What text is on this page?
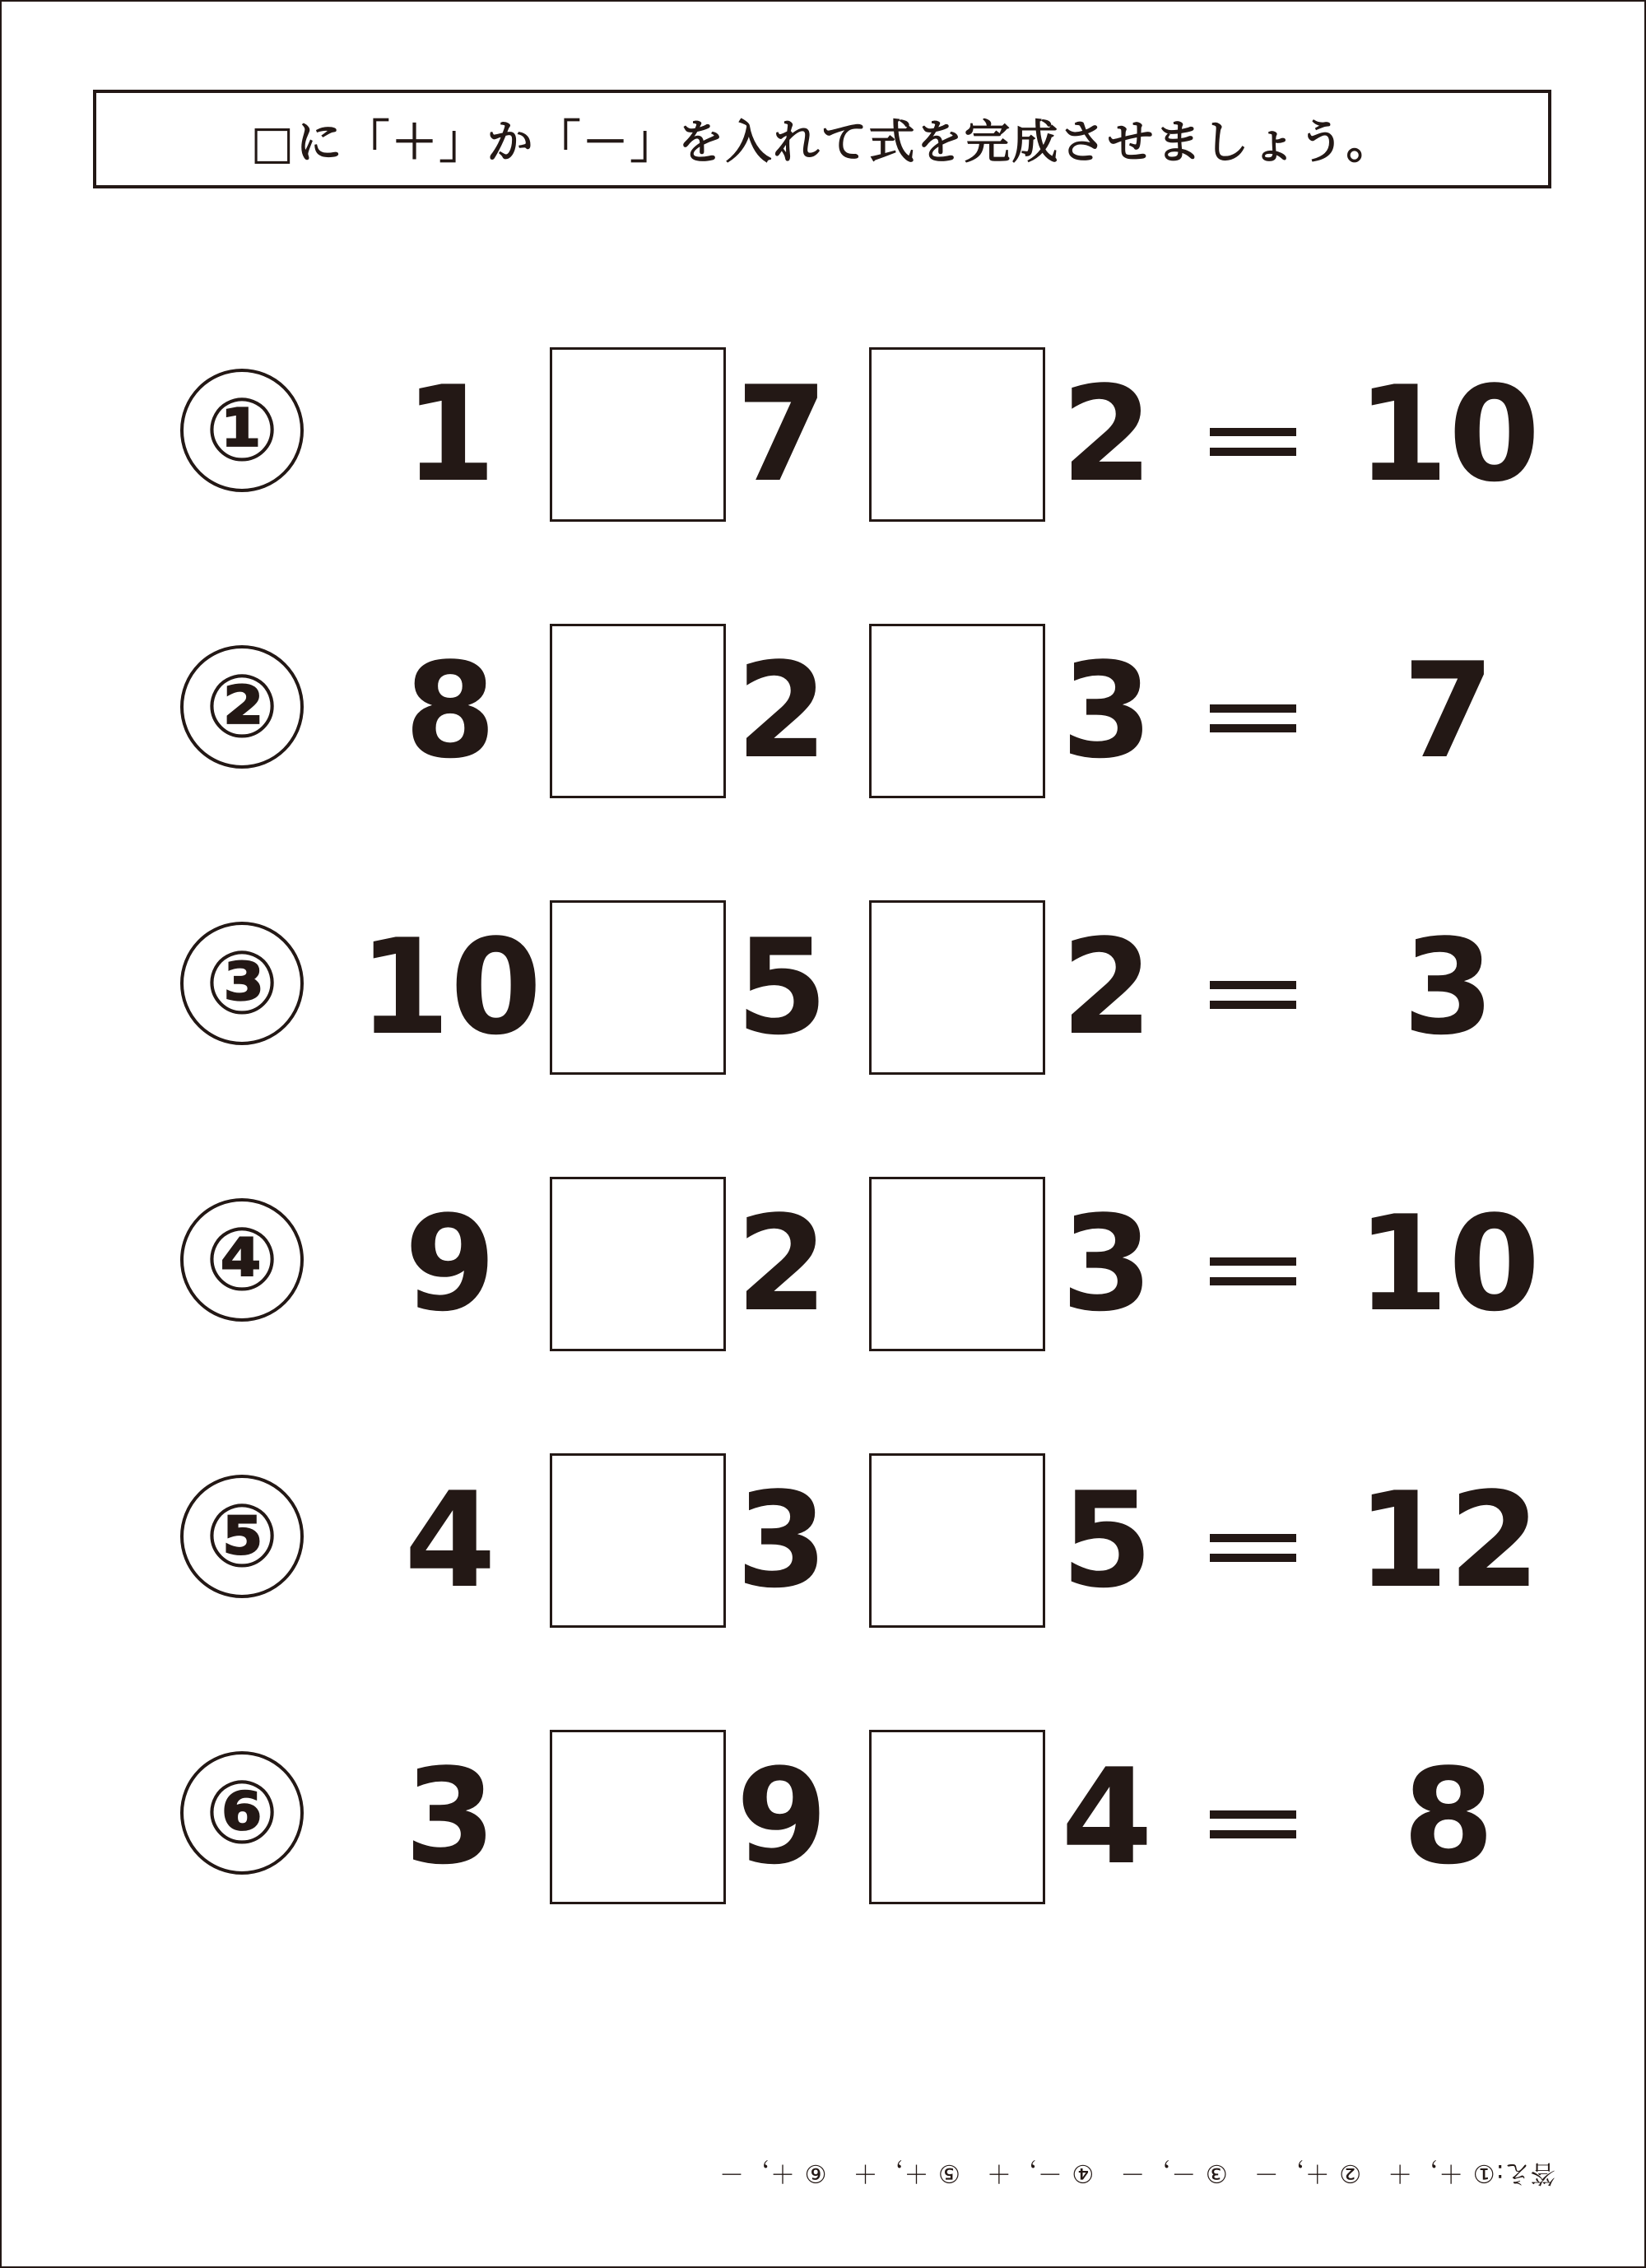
□に「＋」か「－」を入れて式を完成させましょう。
① 1	7 2 10
② 8	2 3	7
③ 10 5 2	3
④ 9	2 3 10
⑤ 4	3 5 12
⑥ 3	9 4	8
答え:① ＋，＋　② ＋，－　③ －，－　④ －，＋　⑤ ＋，＋　⑥ ＋，－
